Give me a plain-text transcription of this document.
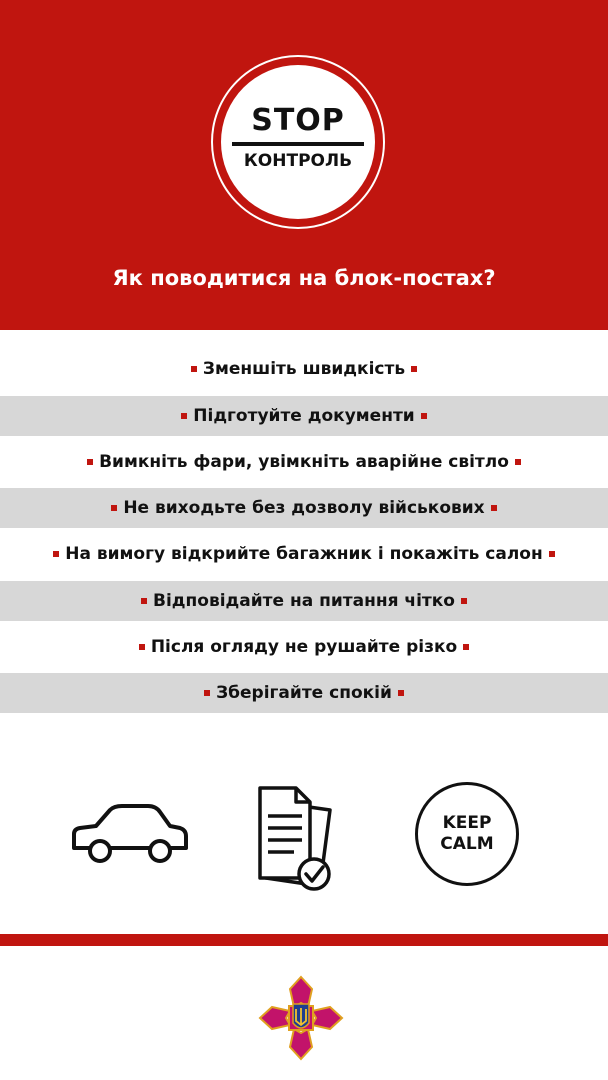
STOP
КОНТРОЛЬ
Як поводитися на блок-постах?
Зменшіть швидкість
Підготуйте документи
Вимкніть фари, увімкніть аварійне світло
Не виходьте без дозволу військових
На вимогу відкрийте багажник і покажіть салон
Відповідайте на питання чітко
Після огляду не рушайте різко
Зберігайте спокій
KEEP
CALM
